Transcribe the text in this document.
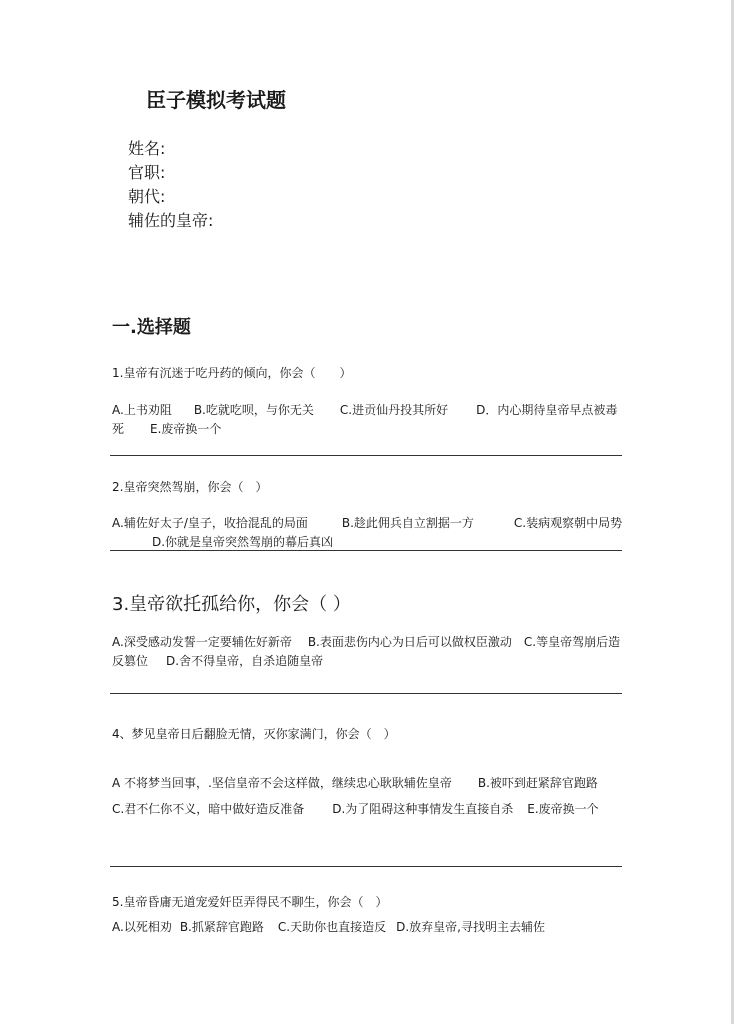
臣子模拟考试题
姓名:
官职:
朝代:
辅佐的皇帝:
一.选择题
1.皇帝有沉迷于吃丹药的倾向，你会（　　）
A.上书劝阻 B.吃就吃呗，与你无关 C.进贡仙丹投其所好 D．内心期待皇帝早点被毒死 E.废帝换一个
2.皇帝突然驾崩，你会（　）
A.辅佐好太子/皇子，收拾混乱的局面	B.趁此佣兵自立割据一方	C.装病观察朝中局势D.你就是皇帝突然驾崩的幕后真凶
3.皇帝欲托孤给你，你会（ ）
A.深受感动发誓一定要辅佐好新帝 B.表面悲伤内心为日后可以做权臣激动 C.等皇帝驾崩后造反篡位 D.舍不得皇帝，自杀追随皇帝
4、梦见皇帝日后翻脸无情，灭你家满门，你会（　）
A 不将梦当回事，.坚信皇帝不会这样做，继续忠心耿耿辅佐皇帝 B.被吓到赶紧辞官跑路C.君不仁你不义，暗中做好造反准备 D.为了阻碍这种事情发生直接自杀 E.废帝换一个
5.皇帝昏庸无道宠爱奸臣弄得民不聊生，你会（　）
A.以死相劝 B.抓紧辞官跑路 C.天助你也直接造反 D.放弃皇帝,寻找明主去辅佐
